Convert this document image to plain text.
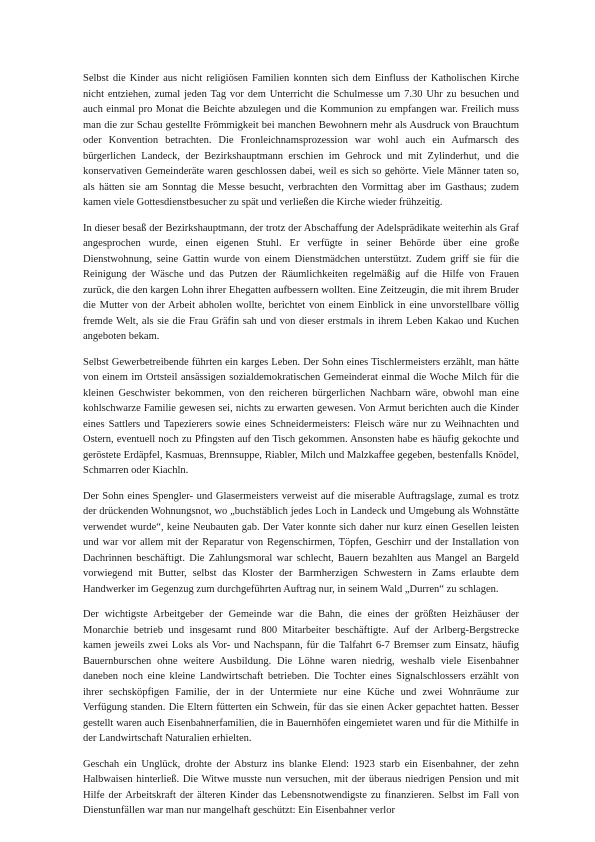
Selbst die Kinder aus nicht religiösen Familien konnten sich dem Einfluss der Katholischen Kirche nicht entziehen, zumal jeden Tag vor dem Unterricht die Schulmesse um 7.30 Uhr zu besuchen und auch einmal pro Monat die Beichte abzulegen und die Kommunion zu empfangen war. Freilich muss man die zur Schau gestellte Frömmigkeit bei manchen Bewohnern mehr als Ausdruck von Brauchtum oder Konvention betrachten. Die Fronleichnamsprozession war wohl auch ein Aufmarsch des bürgerlichen Landeck, der Bezirkshauptmann erschien im Gehrock und mit Zylinderhut, und die konservativen Gemeinderäte waren geschlossen dabei, weil es sich so gehörte. Viele Männer taten so, als hätten sie am Sonntag die Messe besucht, verbrachten den Vormittag aber im Gasthaus; zudem kamen viele Gottesdienstbesucher zu spät und verließen die Kirche wieder frühzeitig.

In dieser besaß der Bezirkshauptmann, der trotz der Abschaffung der Adelsprädikate weiterhin als Graf angesprochen wurde, einen eigenen Stuhl. Er verfügte in seiner Behörde über eine große Dienstwohnung, seine Gattin wurde von einem Dienstmädchen unterstützt. Zudem griff sie für die Reinigung der Wäsche und das Putzen der Räumlichkeiten regelmäßig auf die Hilfe von Frauen zurück, die den kargen Lohn ihrer Ehegatten aufbessern wollten. Eine Zeitzeugin, die mit ihrem Bruder die Mutter von der Arbeit abholen wollte, berichtet von einem Einblick in eine unvorstellbare völlig fremde Welt, als sie die Frau Gräfin sah und von dieser erstmals in ihrem Leben Kakao und Kuchen angeboten bekam.

Selbst Gewerbetreibende führten ein karges Leben. Der Sohn eines Tischlermeisters erzählt, man hätte von einem im Ortsteil ansässigen sozialdemokratischen Gemeinderat einmal die Woche Milch für die kleinen Geschwister bekommen, von den reicheren bürgerlichen Nachbarn wäre, obwohl man eine kohlschwarze Familie gewesen sei, nichts zu erwarten gewesen. Von Armut berichten auch die Kinder eines Sattlers und Tapezierers sowie eines Schneidermeisters: Fleisch wäre nur zu Weihnachten und Ostern, eventuell noch zu Pfingsten auf den Tisch gekommen. Ansonsten habe es häufig gekochte und geröstete Erdäpfel, Kasmuas, Brennsuppe, Riabler, Milch und Malzkaffee gegeben, bestenfalls Knödel, Schmarren oder Kiachln.

Der Sohn eines Spengler- und Glasermeisters verweist auf die miserable Auftragslage, zumal es trotz der drückenden Wohnungsnot, wo „buchstäblich jedes Loch in Landeck und Umgebung als Wohnstätte verwendet wurde“, keine Neubauten gab. Der Vater konnte sich daher nur kurz einen Gesellen leisten und war vor allem mit der Reparatur von Regenschirmen, Töpfen, Geschirr und der Installation von Dachrinnen beschäftigt. Die Zahlungsmoral war schlecht, Bauern bezahlten aus Mangel an Bargeld vorwiegend mit Butter, selbst das Kloster der Barmherzigen Schwestern in Zams erlaubte dem Handwerker im Gegenzug zum durchgeführten Auftrag nur, in seinem Wald „Durren“ zu schlagen.

Der wichtigste Arbeitgeber der Gemeinde war die Bahn, die eines der größten Heizhäuser der Monarchie betrieb und insgesamt rund 800 Mitarbeiter beschäftigte. Auf der Arlberg-Bergstrecke kamen jeweils zwei Loks als Vor- und Nachspann, für die Talfahrt 6-7 Bremser zum Einsatz, häufig Bauernburschen ohne weitere Ausbildung. Die Löhne waren niedrig, weshalb viele Eisenbahner daneben noch eine kleine Landwirtschaft betrieben. Die Tochter eines Signalschlossers erzählt von ihrer sechsköpfigen Familie, der in der Untermiete nur eine Küche und zwei Wohnräume zur Verfügung standen. Die Eltern fütterten ein Schwein, für das sie einen Acker gepachtet hatten. Besser gestellt waren auch Eisenbahnerfamilien, die in Bauernhöfen eingemietet waren und für die Mithilfe in der Landwirtschaft Naturalien erhielten.

Geschah ein Unglück, drohte der Absturz ins blanke Elend: 1923 starb ein Eisenbahner, der zehn Halbwaisen hinterließ. Die Witwe musste nun versuchen, mit der überaus niedrigen Pension und mit Hilfe der Arbeitskraft der älteren Kinder das Lebensnotwendigste zu finanzieren. Selbst im Fall von Dienstunfällen war man nur mangelhaft geschützt: Ein Eisenbahner verlor
